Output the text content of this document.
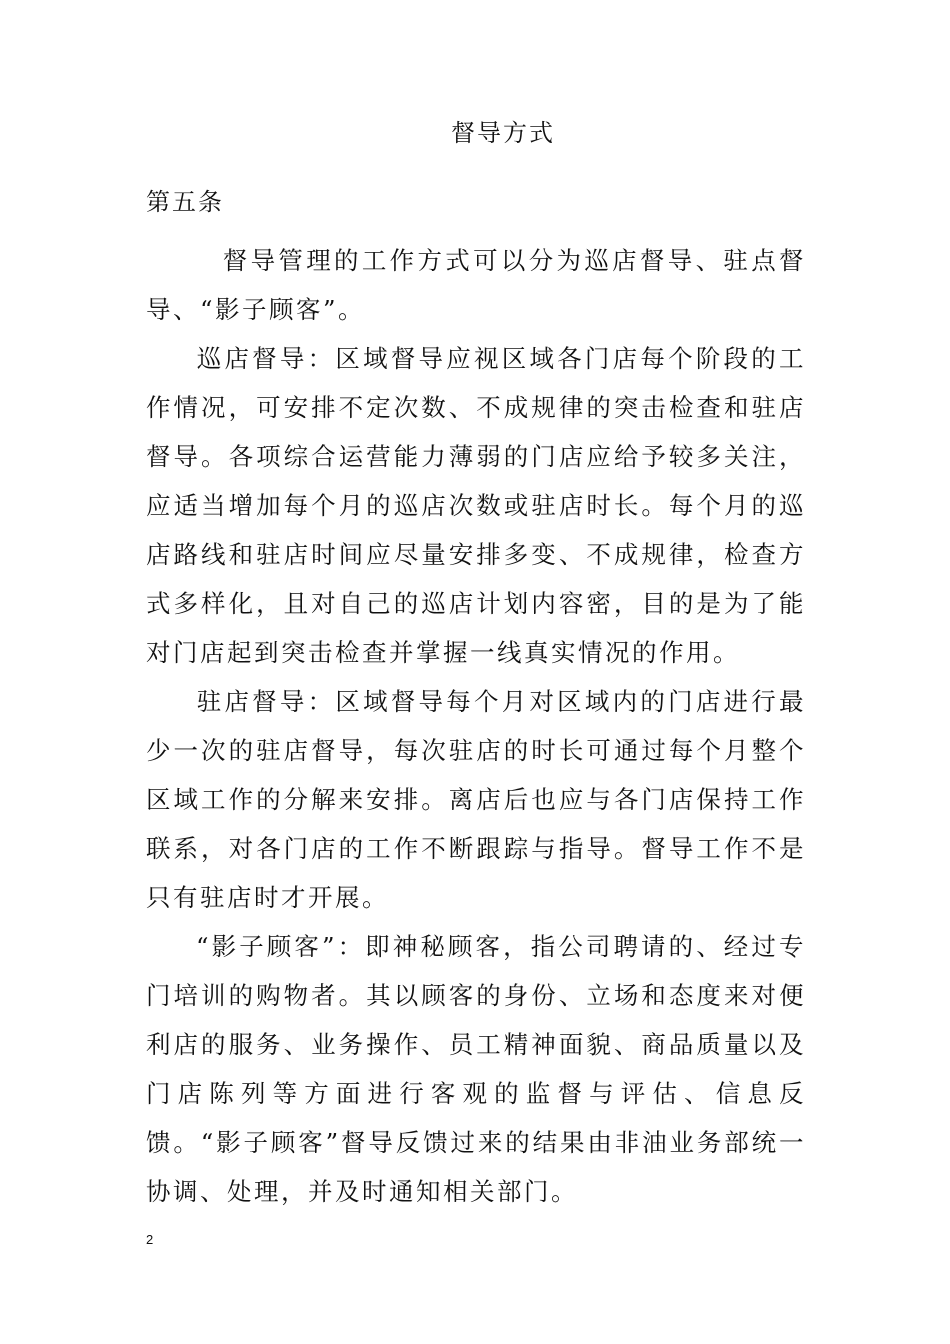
督导方式
第五条

督导管理的工作方式可以分为巡店督导、驻点督导、“影子顾客”。

巡店督导：区域督导应视区域各门店每个阶段的工作情况，可安排不定次数、不成规律的突击检查和驻店督导。各项综合运营能力薄弱的门店应给予较多关注，应适当增加每个月的巡店次数或驻店时长。每个月的巡店路线和驻店时间应尽量安排多变、不成规律，检查方式多样化，且对自己的巡店计划内容密，目的是为了能对门店起到突击检查并掌握一线真实情况的作用。

驻店督导：区域督导每个月对区域内的门店进行最少一次的驻店督导，每次驻店的时长可通过每个月整个区域工作的分解来安排。离店后也应与各门店保持工作联系，对各门店的工作不断跟踪与指导。督导工作不是只有驻店时才开展。

“影子顾客”：即神秘顾客，指公司聘请的、经过专门培训的购物者。其以顾客的身份、立场和态度来对便利店的服务、业务操作、员工精神面貌、商品质量以及门店陈列等方面进行客观的监督与评估、信息反馈。“影子顾客”督导反馈过来的结果由非油业务部统一协调、处理，并及时通知相关部门。

2
